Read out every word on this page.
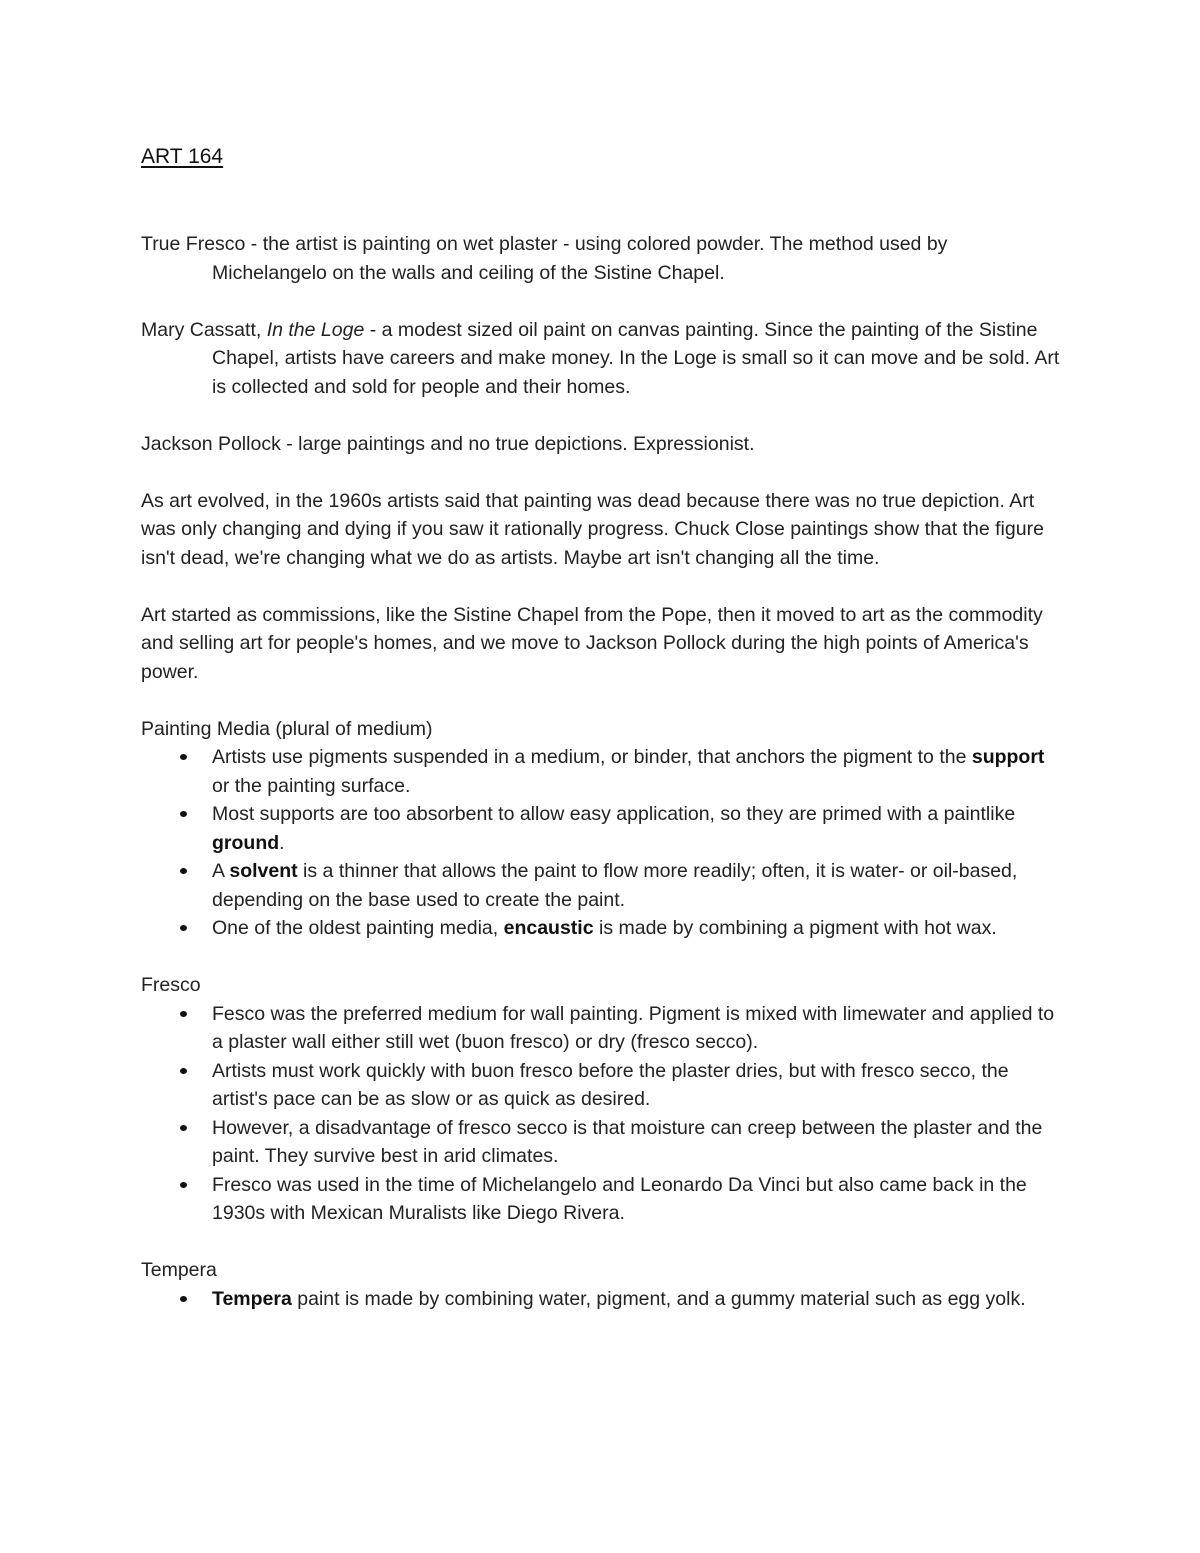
ART 164

True Fresco - the artist is painting on wet plaster - using colored powder. The method used by Michelangelo on the walls and ceiling of the Sistine Chapel.

Mary Cassatt, In the Loge - a modest sized oil paint on canvas painting. Since the painting of the Sistine Chapel, artists have careers and make money. In the Loge is small so it can move and be sold. Art is collected and sold for people and their homes.

Jackson Pollock - large paintings and no true depictions. Expressionist.

As art evolved, in the 1960s artists said that painting was dead because there was no true depiction. Art was only changing and dying if you saw it rationally progress. Chuck Close paintings show that the figure isn't dead, we're changing what we do as artists. Maybe art isn't changing all the time.

Art started as commissions, like the Sistine Chapel from the Pope, then it moved to art as the commodity and selling art for people's homes, and we move to Jackson Pollock during the high points of America's power.

Painting Media (plural of medium)

Artists use pigments suspended in a medium, or binder, that anchors the pigment to the support or the painting surface.
Most supports are too absorbent to allow easy application, so they are primed with a paintlike ground.
A solvent is a thinner that allows the paint to flow more readily; often, it is water- or oil-based, depending on the base used to create the paint.
One of the oldest painting media, encaustic is made by combining a pigment with hot wax.

Fresco

Fesco was the preferred medium for wall painting. Pigment is mixed with limewater and applied to a plaster wall either still wet (buon fresco) or dry (fresco secco).
Artists must work quickly with buon fresco before the plaster dries, but with fresco secco, the artist's pace can be as slow or as quick as desired.
However, a disadvantage of fresco secco is that moisture can creep between the plaster and the paint. They survive best in arid climates.
Fresco was used in the time of Michelangelo and Leonardo Da Vinci but also came back in the 1930s with Mexican Muralists like Diego Rivera.

Tempera

Tempera paint is made by combining water, pigment, and a gummy material such as egg yolk.
